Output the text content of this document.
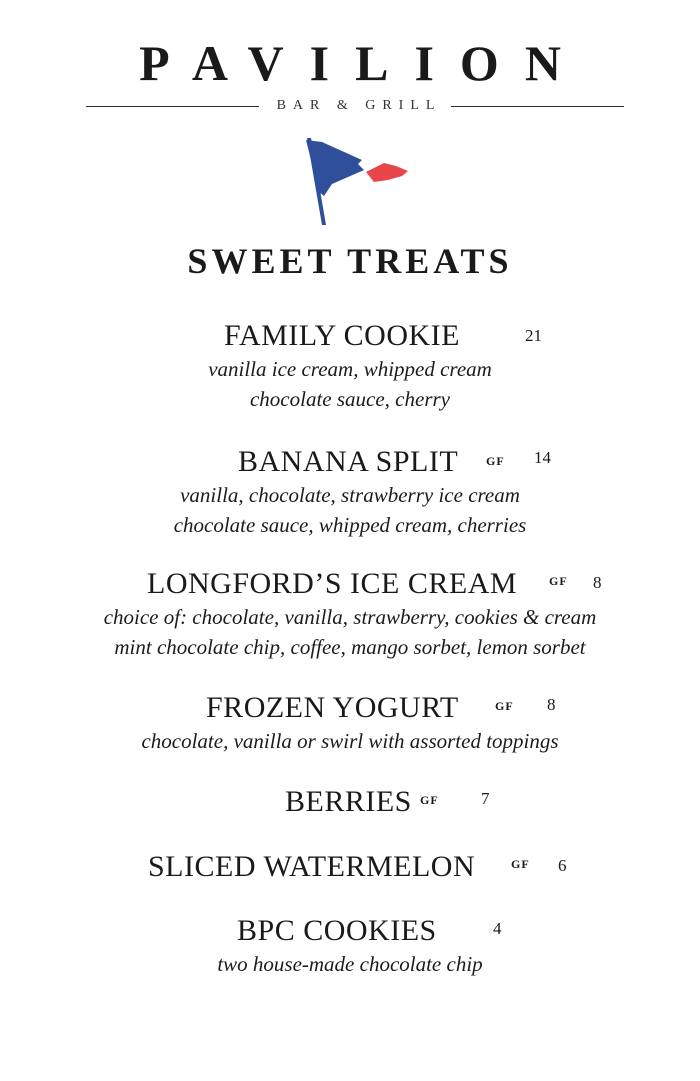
PAVILION
BAR & GRILL
SWEET TREATS
FAMILY COOKIE	21
vanilla ice cream, whipped cream
chocolate sauce, cherry
BANANA SPLIT GF 14
vanilla, chocolate, strawberry ice cream
chocolate sauce, whipped cream, cherries
LONGFORD’S ICE CREAM	GF 8
choice of: chocolate, vanilla, strawberry, cookies & cream
mint chocolate chip, coffee, mango sorbet, lemon sorbet
FROZEN YOGURT	GF 8
chocolate, vanilla or swirl with assorted toppings
BERRIES GF 7
SLICED WATERMELON	GF 6
BPC COOKIES	4
two house-made chocolate chip
